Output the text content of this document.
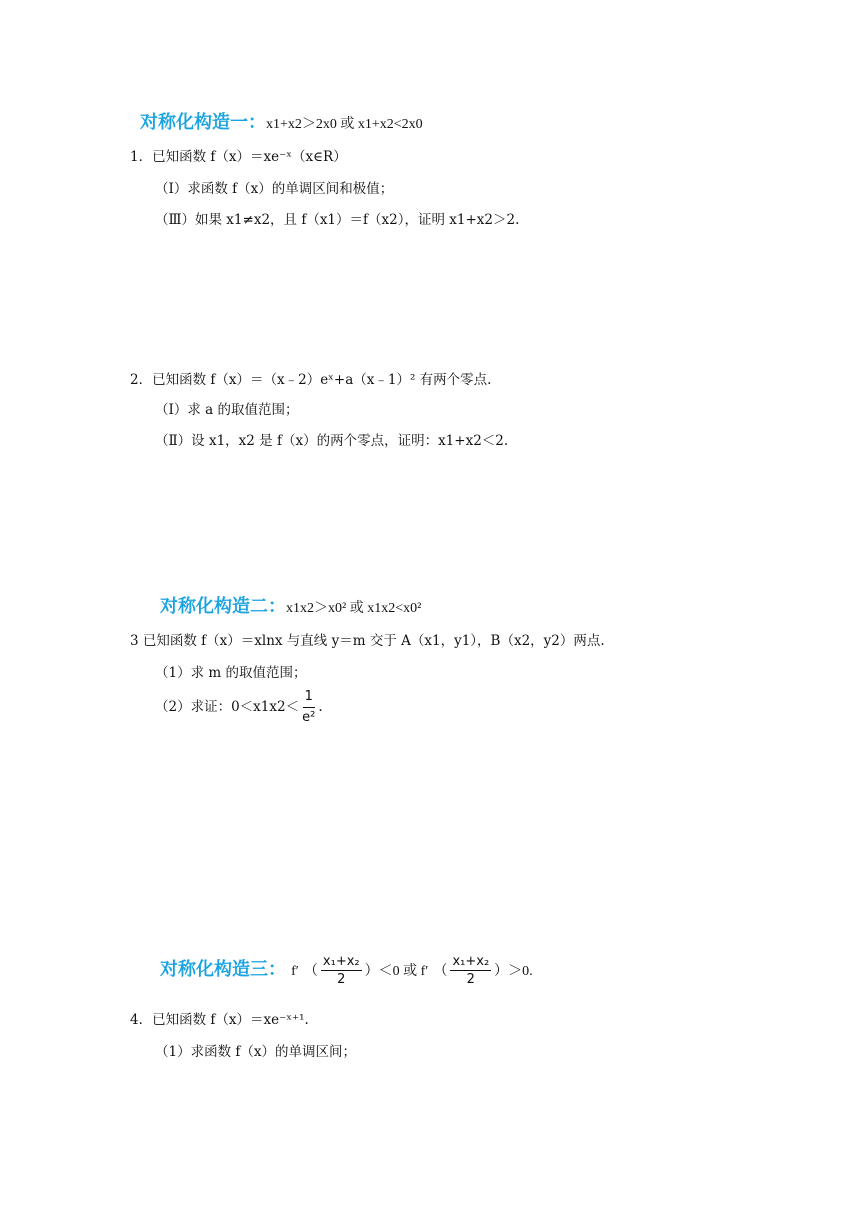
对称化构造一：x1+x2＞2x0 或 x1+x2<2x0
1．已知函数 f（x）＝xe⁻ˣ（x∈R）
（Ⅰ）求函数 f（x）的单调区间和极值；
（Ⅲ）如果 x1≠x2，且 f（x1）＝f（x2），证明 x1+x2＞2.
2．已知函数 f（x）＝（x﹣2）eˣ+a（x﹣1）² 有两个零点.
（Ⅰ）求 a 的取值范围；
（Ⅱ）设 x1，x2 是 f（x）的两个零点，证明：x1+x2＜2.
对称化构造二：x1x2＞x0² 或 x1x2<x0²
3 已知函数 f（x）＝xlnx 与直线 y＝m 交于 A（x1，y1），B（x2，y2）两点.
（1）求 m 的取值范围；
（2）求证：$0<x1x2< \frac{1}{\text{e²}}$ .
对称化构造三： f′ （ $\frac{\text{x₁+x₂}}{2} )<0$ 或 f′ （ $\frac{\text{x₁+x₂}}{2} )>0$.
4．已知函数 f（x）＝xe⁻ˣ⁺¹.
（1）求函数 f（x）的单调区间；
